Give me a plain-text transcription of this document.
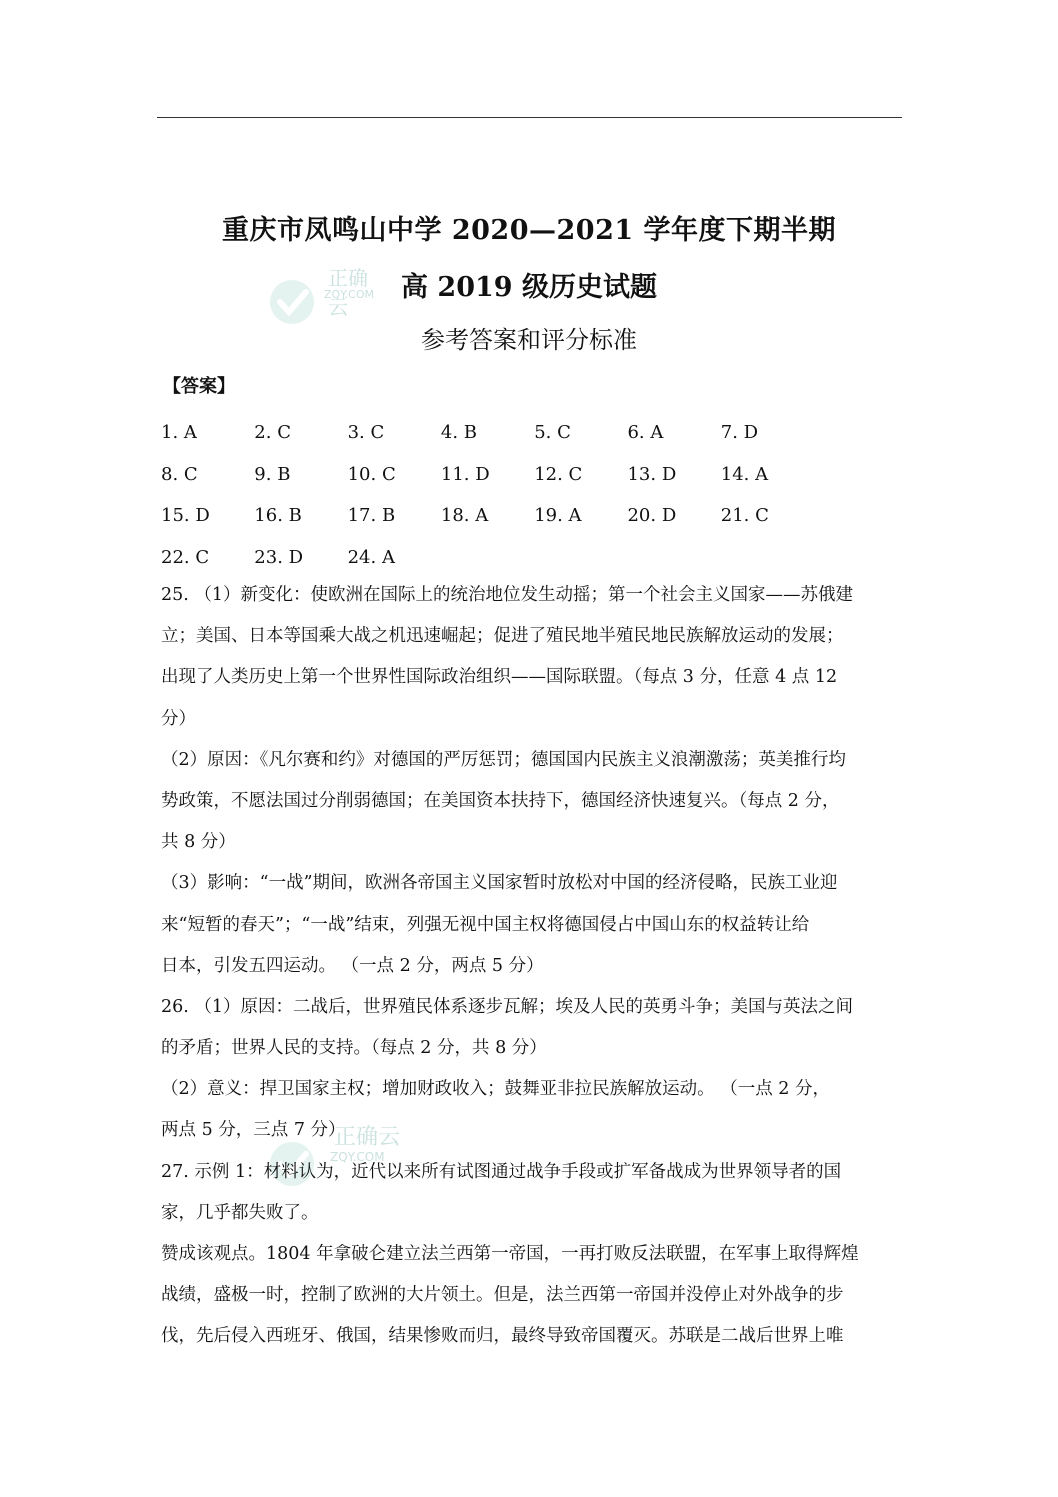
正确云
ZQY.COM
正确云
ZQY.COM
重庆市凤鸣山中学 2020—2021 学年度下期半期
高 2019 级历史试题
参考答案和评分标准
【答案】
1. A	2. C	3. C	4. B	5. C	6. A	7. D
8. C	9. B	10. C	11. D	12. C	13. D	14. A
15. D	16. B	17. B	18. A	19. A	20. D	21. C
22. C	23. D	24. A
25. （1）新变化：使欧洲在国际上的统治地位发生动摇；第一个社会主义国家——苏俄建
立；美国、日本等国乘大战之机迅速崛起；促进了殖民地半殖民地民族解放运动的发展；
出现了人类历史上第一个世界性国际政治组织——国际联盟。（每点 3 分，任意 4 点 12
分）
（2）原因：《凡尔赛和约》对德国的严厉惩罚；德国国内民族主义浪潮激荡；英美推行均
势政策，不愿法国过分削弱德国；在美国资本扶持下，德国经济快速复兴。（每点 2 分，
共 8 分）
（3）影响：“一战”期间，欧洲各帝国主义国家暂时放松对中国的经济侵略，民族工业迎
来“短暂的春天”；“一战”结束，列强无视中国主权将德国侵占中国山东的权益转让给
日本，引发五四运动。 （一点 2 分，两点 5 分）
26. （1）原因：二战后，世界殖民体系逐步瓦解；埃及人民的英勇斗争；美国与英法之间
的矛盾；世界人民的支持。（每点 2 分，共 8 分）
（2）意义：捍卫国家主权；增加财政收入；鼓舞亚非拉民族解放运动。 （一点 2 分，
两点 5 分，三点 7 分）
27. 示例 1：材料认为，近代以来所有试图通过战争手段或扩军备战成为世界领导者的国
家，几乎都失败了。
赞成该观点。1804 年拿破仑建立法兰西第一帝国，一再打败反法联盟，在军事上取得辉煌
战绩，盛极一时，控制了欧洲的大片领土。但是，法兰西第一帝国并没停止对外战争的步
伐，先后侵入西班牙、俄国，结果惨败而归，最终导致帝国覆灭。苏联是二战后世界上唯
